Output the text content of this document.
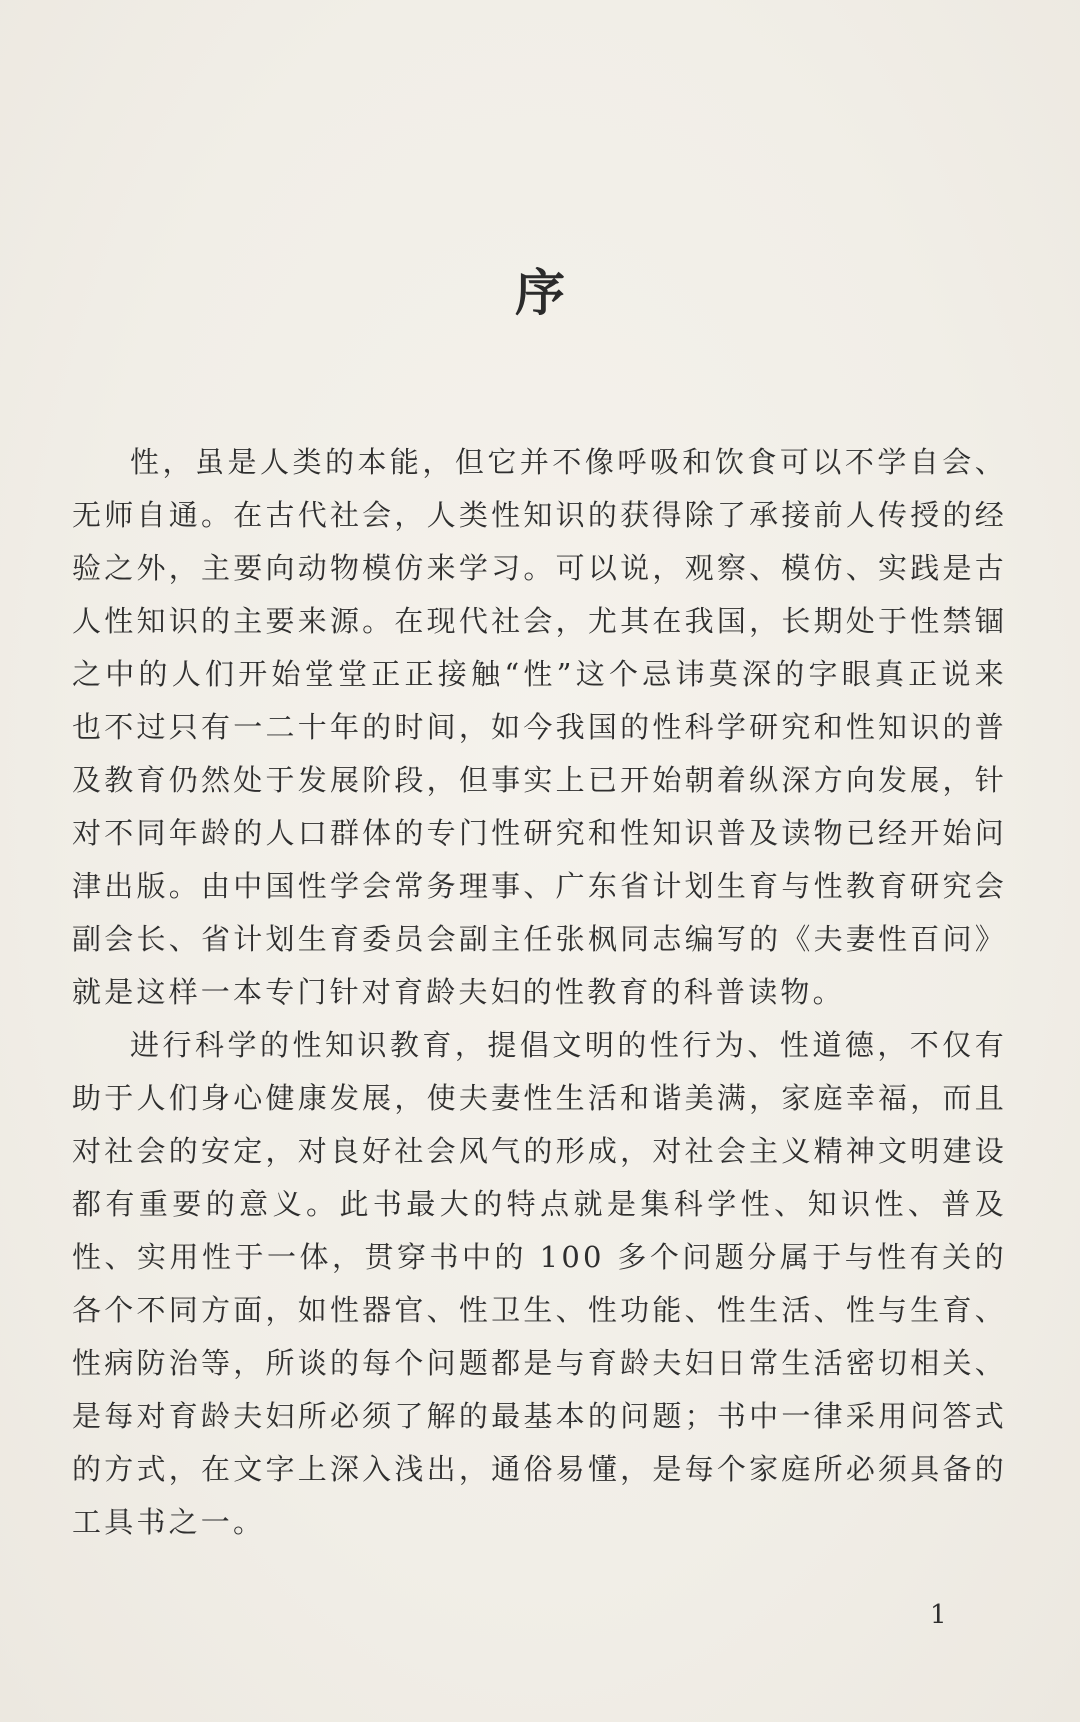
序

性，虽是人类的本能，但它并不像呼吸和饮食可以不学自会、无师自通。在古代社会，人类性知识的获得除了承接前人传授的经验之外，主要向动物模仿来学习。可以说，观察、模仿、实践是古人性知识的主要来源。在现代社会，尤其在我国，长期处于性禁锢之中的人们开始堂堂正正接触“性”这个忌讳莫深的字眼真正说来也不过只有一二十年的时间，如今我国的性科学研究和性知识的普及教育仍然处于发展阶段，但事实上已开始朝着纵深方向发展，针对不同年龄的人口群体的专门性研究和性知识普及读物已经开始问津出版。由中国性学会常务理事、广东省计划生育与性教育研究会副会长、省计划生育委员会副主任张枫同志编写的《夫妻性百问》就是这样一本专门针对育龄夫妇的性教育的科普读物。

进行科学的性知识教育，提倡文明的性行为、性道德，不仅有助于人们身心健康发展，使夫妻性生活和谐美满，家庭幸福，而且对社会的安定，对良好社会风气的形成，对社会主义精神文明建设都有重要的意义。此书最大的特点就是集科学性、知识性、普及性、实用性于一体，贯穿书中的 100 多个问题分属于与性有关的各个不同方面，如性器官、性卫生、性功能、性生活、性与生育、性病防治等，所谈的每个问题都是与育龄夫妇日常生活密切相关、是每对育龄夫妇所必须了解的最基本的问题；书中一律采用问答式的方式，在文字上深入浅出，通俗易懂，是每个家庭所必须具备的工具书之一。

1
